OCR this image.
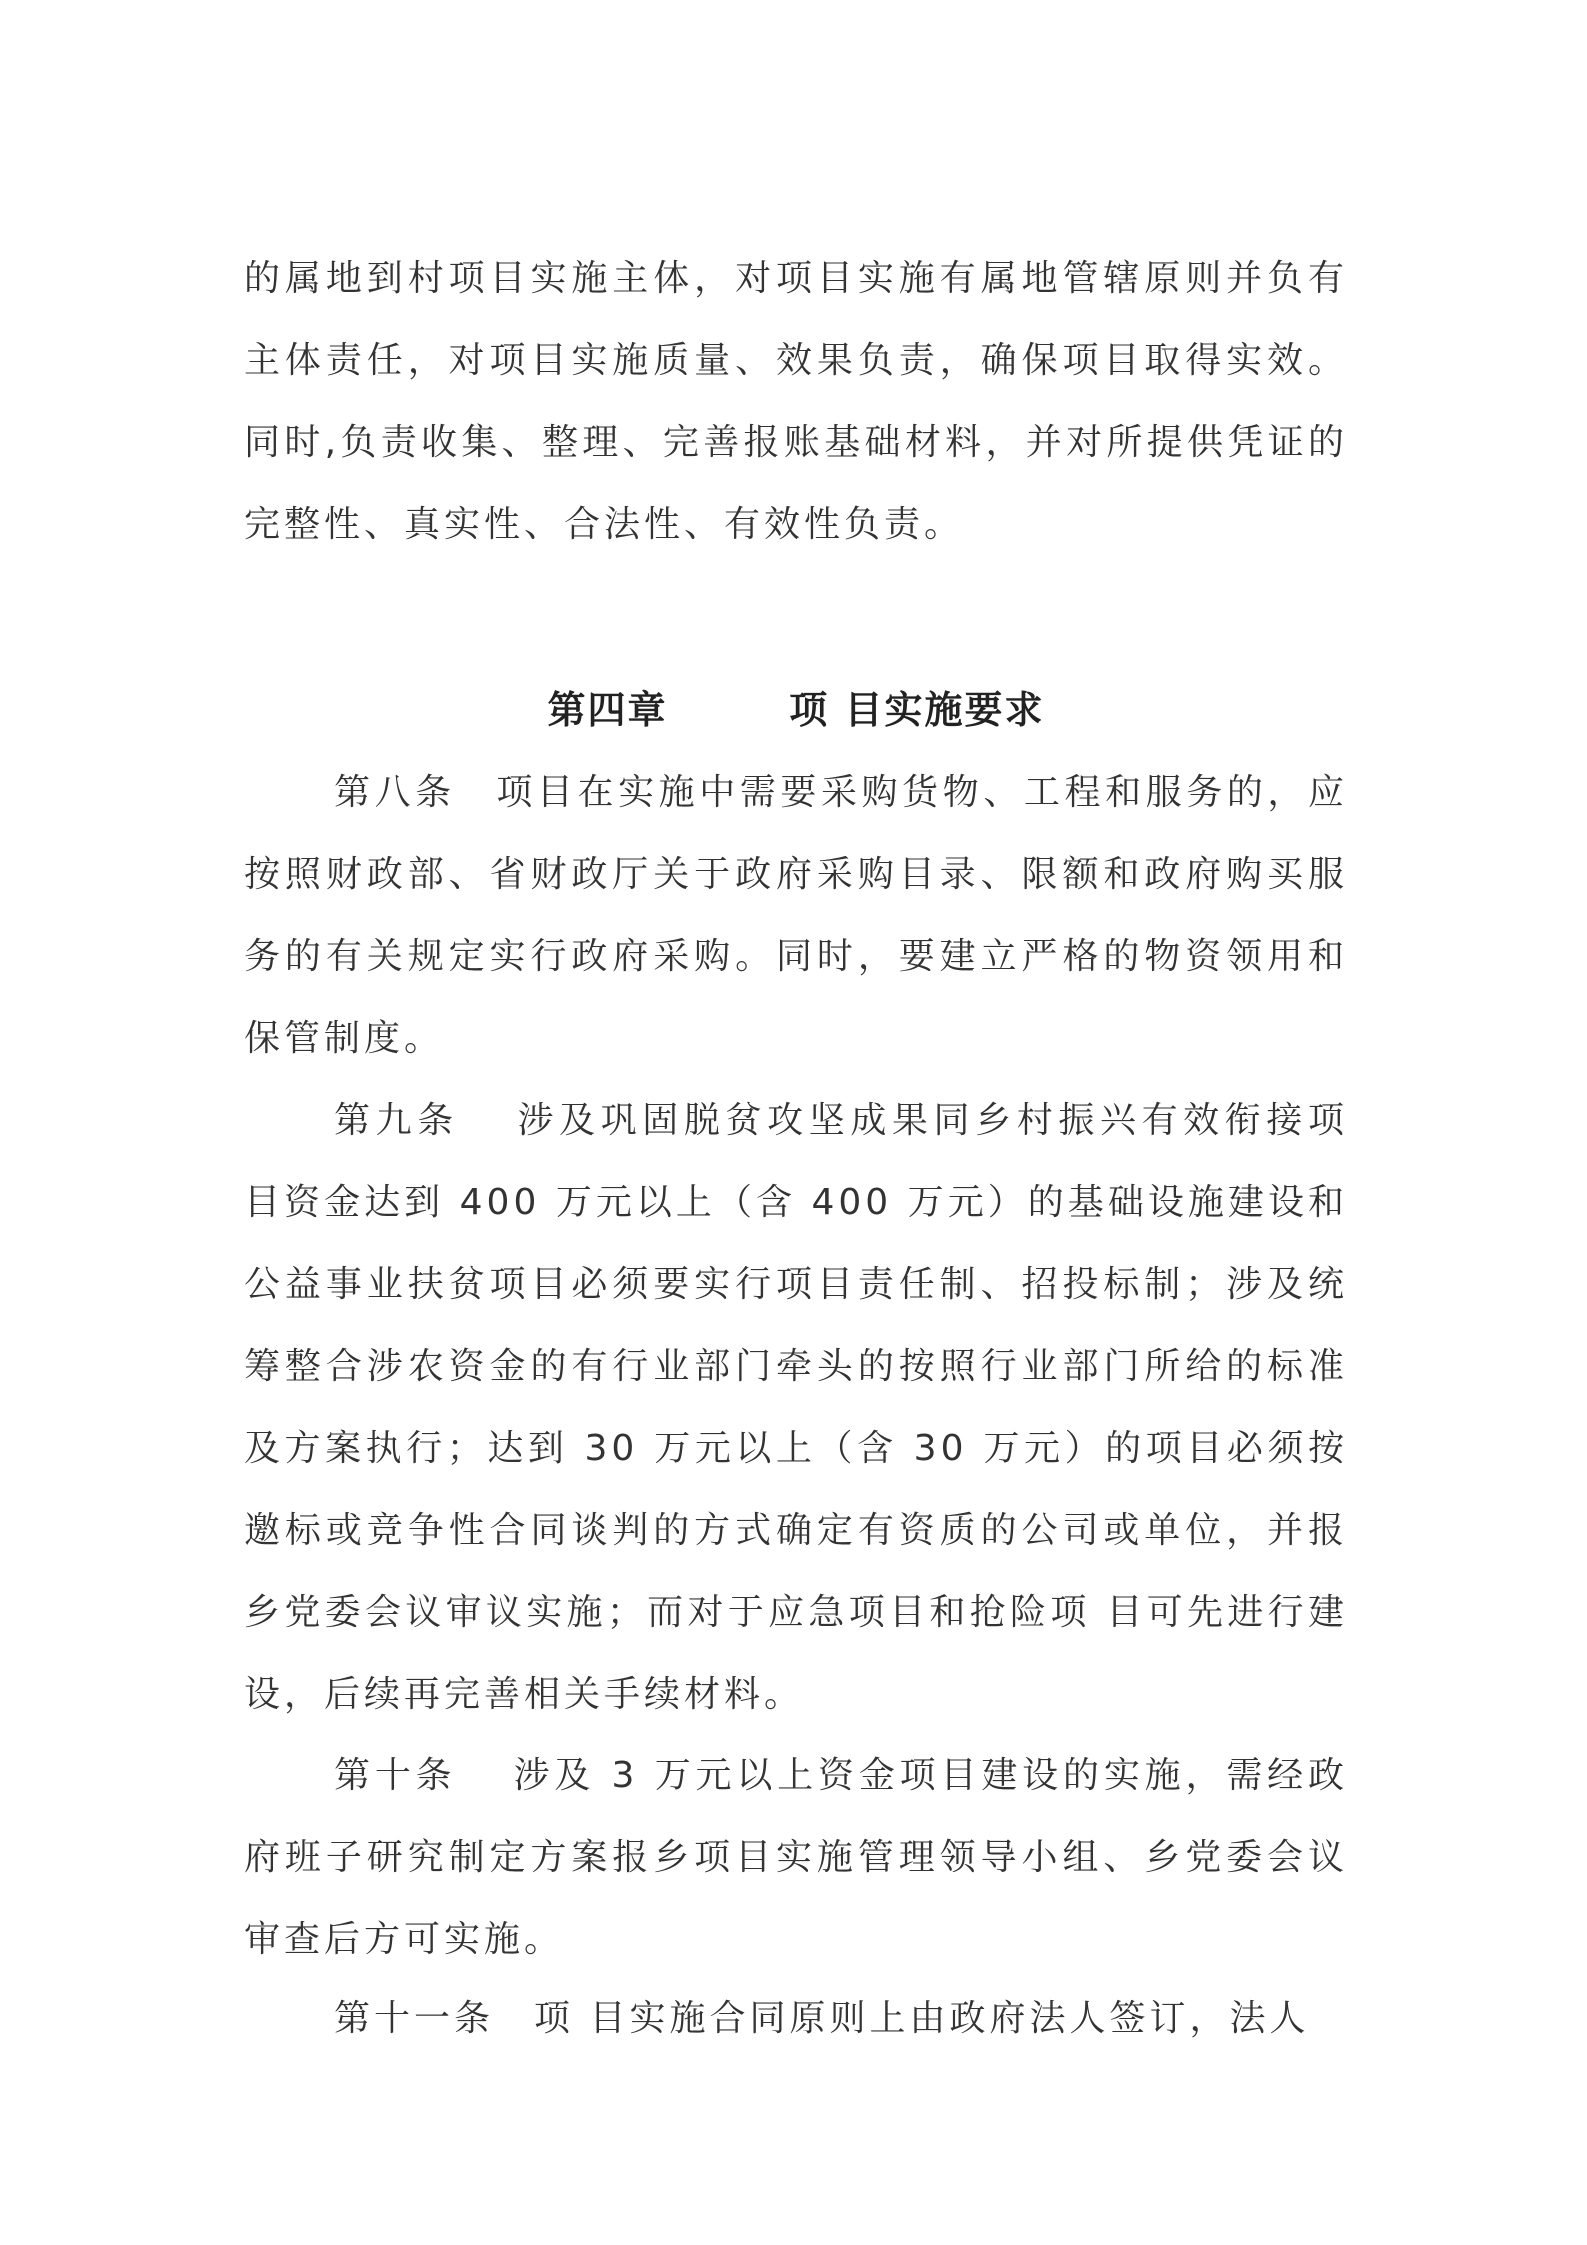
的属地到村项目实施主体，对项目实施有属地管辖原则并负有主体责任，对项目实施质量、效果负责，确保项目取得实效。同时,负责收集、整理、完善报账基础材料，并对所提供凭证的完整性、真实性、合法性、有效性负责。

第四章        项 目实施要求

第八条　项目在实施中需要采购货物、工程和服务的，应按照财政部、省财政厅关于政府采购目录、限额和政府购买服务的有关规定实行政府采购。同时，要建立严格的物资领用和保管制度。

第九条　 涉及巩固脱贫攻坚成果同乡村振兴有效衔接项目资金达到 400 万元以上（含 400 万元）的基础设施建设和公益事业扶贫项目必须要实行项目责任制、招投标制；涉及统筹整合涉农资金的有行业部门牵头的按照行业部门所给的标准及方案执行；达到 30 万元以上（含 30 万元）的项目必须按邀标或竞争性合同谈判的方式确定有资质的公司或单位，并报乡党委会议审议实施；而对于应急项目和抢险项 目可先进行建设，后续再完善相关手续材料。

第十条　 涉及 3 万元以上资金项目建设的实施，需经政府班子研究制定方案报乡项目实施管理领导小组、乡党委会议审查后方可实施。

第十一条　项 目实施合同原则上由政府法人签订，法人
